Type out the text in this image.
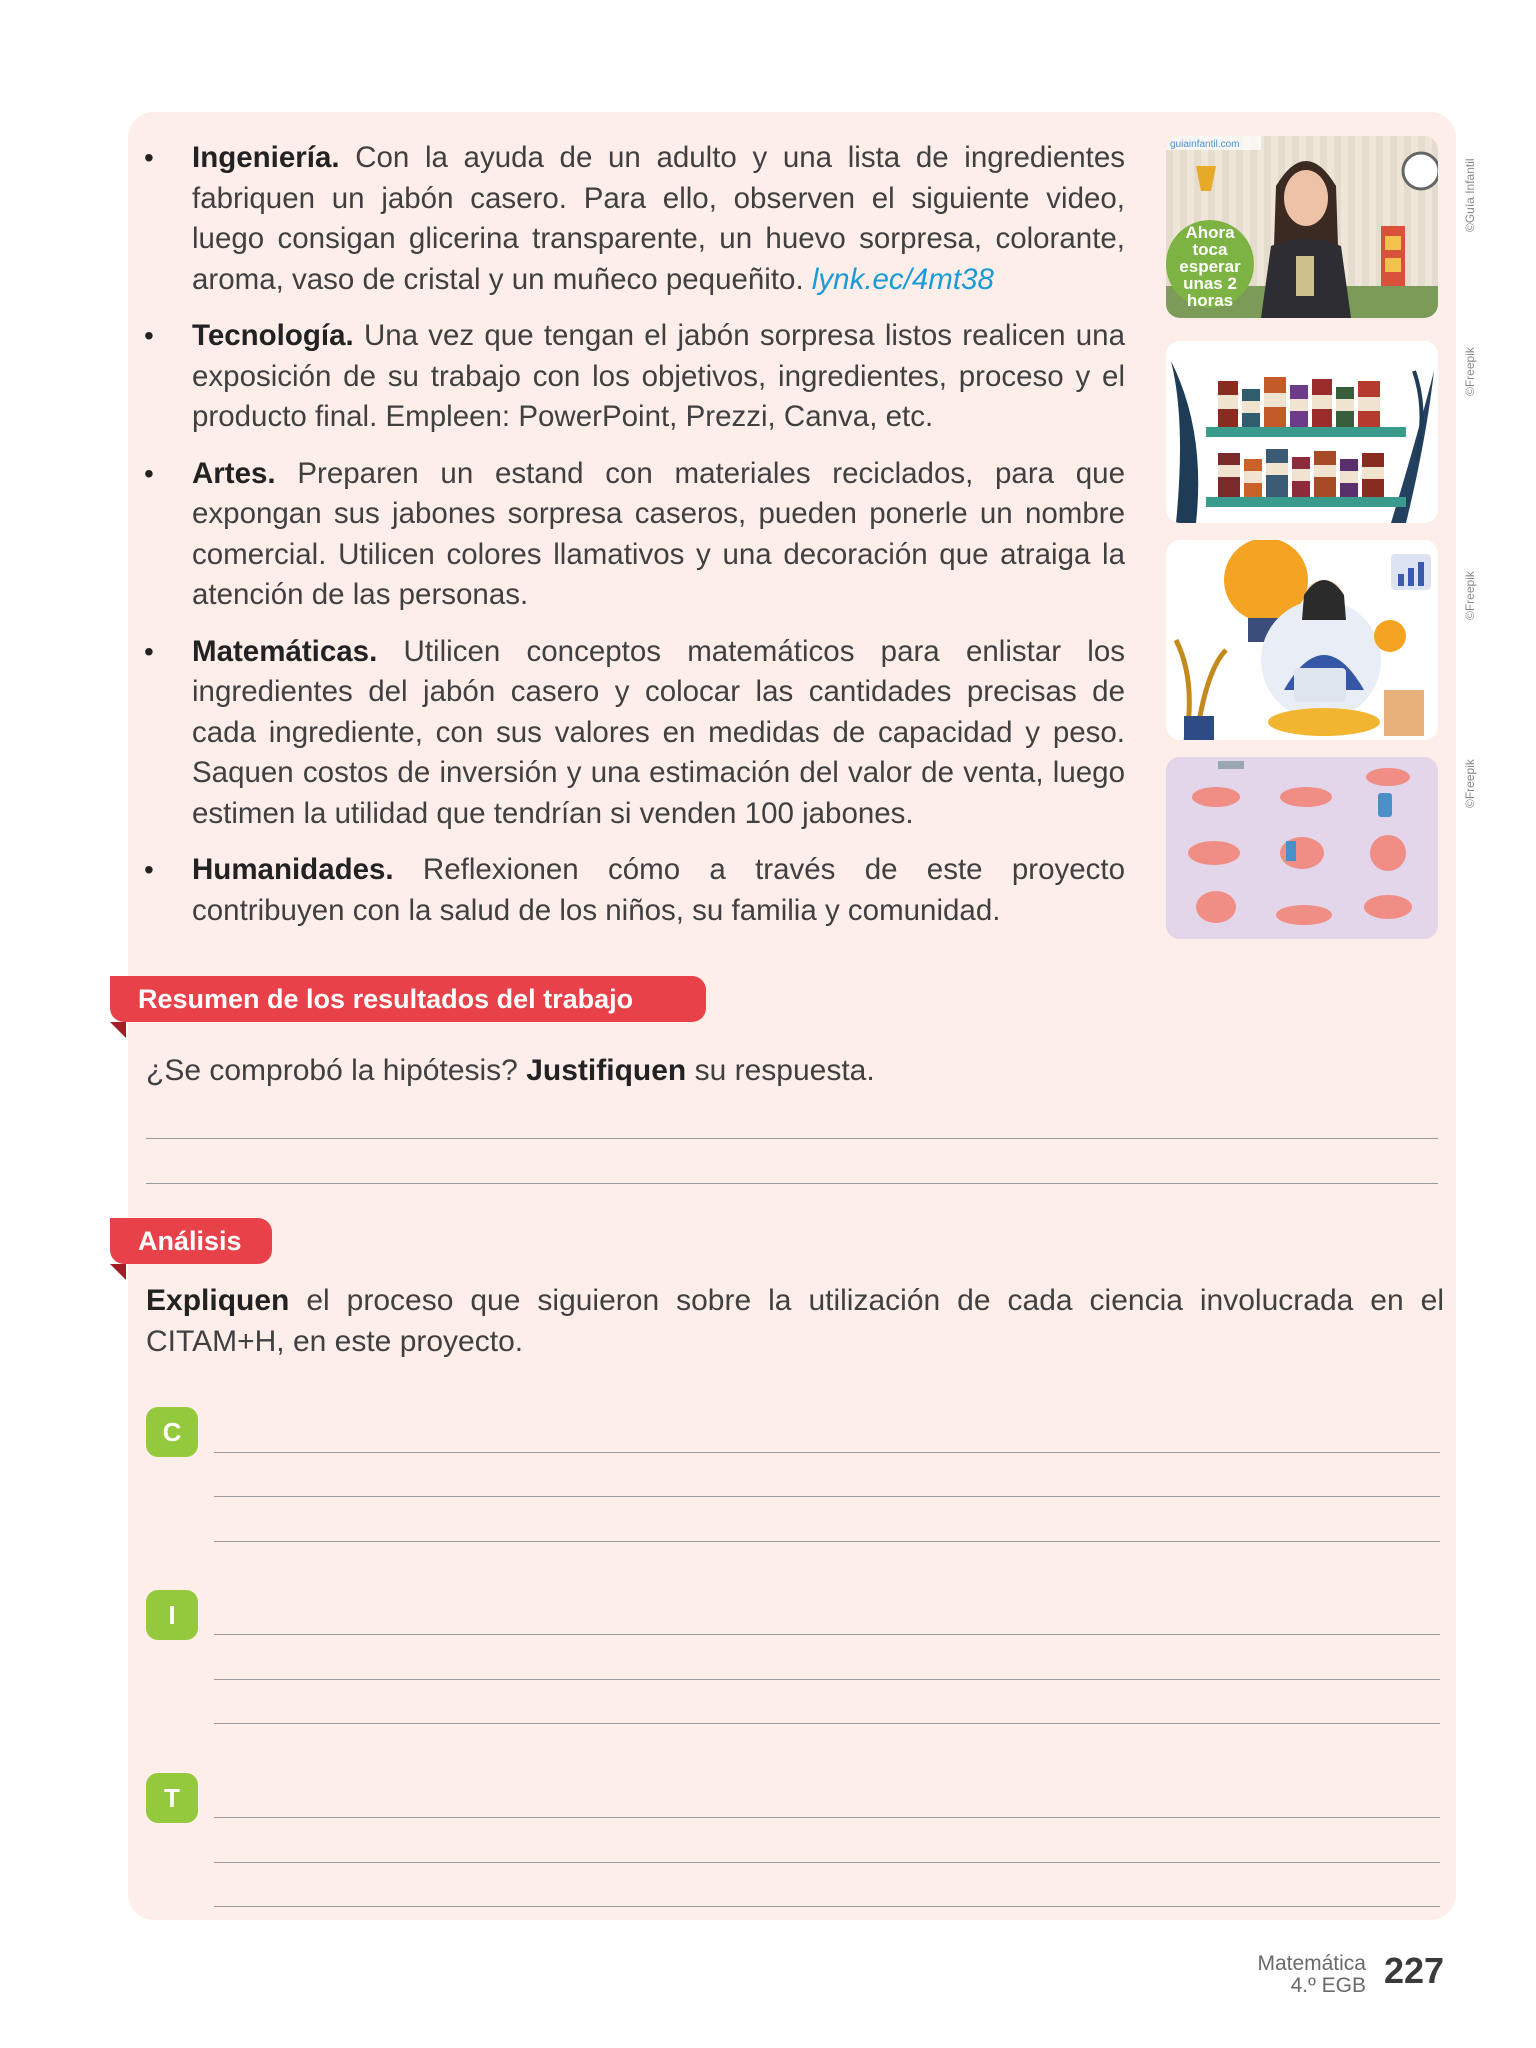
• Ingeniería. Con la ayuda de un adulto y una lista de ingredientes fabriquen un jabón casero. Para ello, observen el siguiente video, luego consigan glicerina transparente, un huevo sorpresa, colorante, aroma, vaso de cristal y un muñeco pequeñito. lynk.ec/4mt38
• Tecnología. Una vez que tengan el jabón sorpresa listos realicen una exposición de su trabajo con los objetivos, ingredientes, proceso y el producto final. Empleen: PowerPoint, Prezzi, Canva, etc.
• Artes. Preparen un estand con materiales reciclados, para que expongan sus jabones sorpresa caseros, pueden ponerle un nombre comercial. Utilicen colores llamativos y una decoración que atraiga la atención de las personas.
• Matemáticas. Utilicen conceptos matemáticos para enlistar los ingredientes del jabón casero y colocar las cantidades precisas de cada ingrediente, con sus valores en medidas de capacidad y peso. Saquen costos de inversión y una estimación del valor de venta, luego estimen la utilidad que tendrían si venden 100 jabones.
• Humanidades. Reflexionen cómo a través de este proyecto contribuyen con la salud de los niños, su familia y comunidad.
guiainfantil.com
Ahora
toca
esperar
unas 2
horas
©Guía Infantil
©Freepik
©Freepik
©Freepik
Resumen de los resultados del trabajo
¿Se comprobó la hipótesis? Justifiquen su respuesta.
Análisis
Expliquen el proceso que siguieron sobre la utilización de cada ciencia involucrada en el CITAM+H, en este proyecto.
C
I
T
Matemática
4.º EGB 227
